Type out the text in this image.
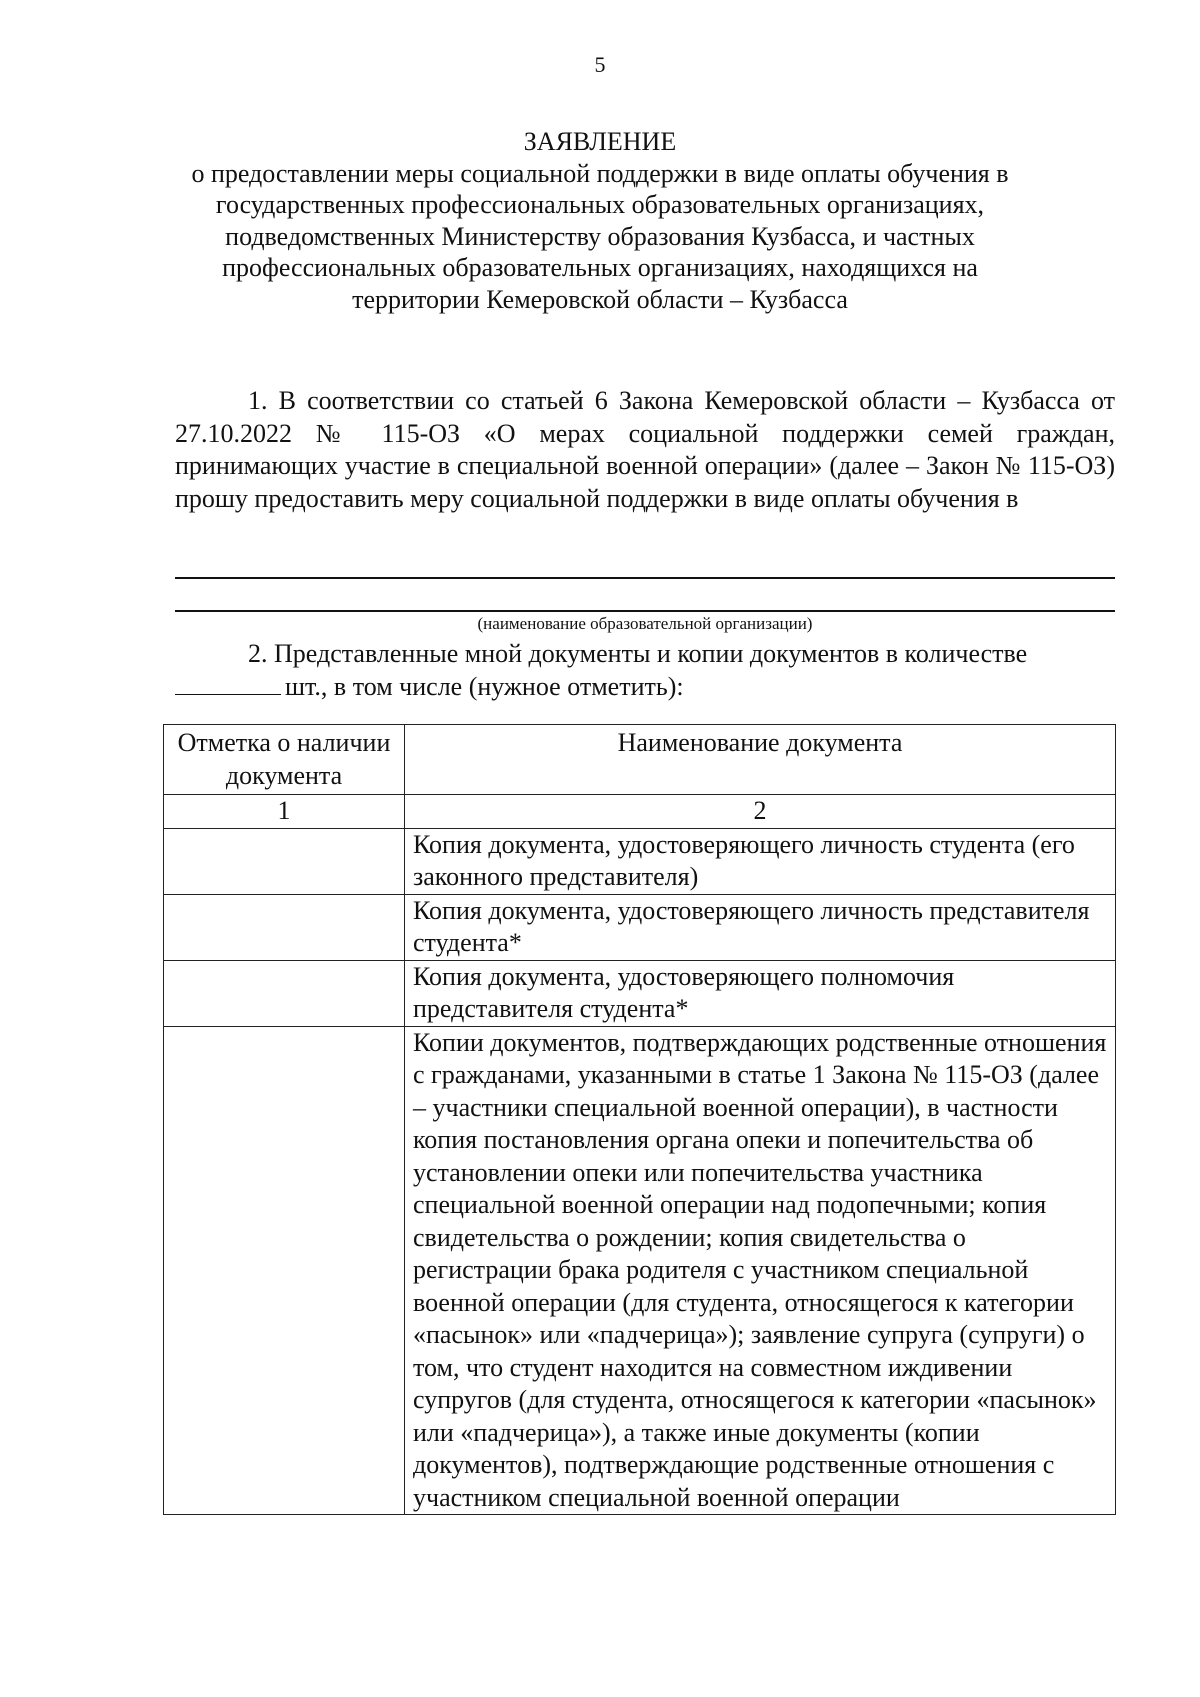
5
ЗАЯВЛЕНИЕ
о предоставлении меры социальной поддержки в виде оплаты обучения в
государственных профессиональных образовательных организациях,
подведомственных Министерству образования Кузбасса, и частных
профессиональных образовательных организациях, находящихся на
территории Кемеровской области – Кузбасса
1. В соответствии со статьей 6 Закона Кемеровской области – Кузбасса от 27.10.2022 № 115-ОЗ «О мерах социальной поддержки семей граждан, принимающих участие в специальной военной операции» (далее – Закон № 115-ОЗ) прошу предоставить меру социальной поддержки в виде оплаты обучения в
(наименование образовательной организации)
2. Представленные мной документы и копии документов в количестве
шт., в том числе (нужное отметить):
Отметка о наличии документа	Наименование документа
1	2
	Копия документа, удостоверяющего личность студента (его законного представителя)
	Копия документа, удостоверяющего личность представителя студента*
	Копия документа, удостоверяющего полномочия представителя студента*
	Копии документов, подтверждающих родственные отношения с гражданами, указанными в статье 1 Закона № 115-ОЗ (далее – участники специальной военной операции), в частности копия постановления органа опеки и попечительства об установлении опеки или попечительства участника специальной военной операции над подопечными; копия свидетельства о рождении; копия свидетельства о регистрации брака родителя с участником специальной военной операции (для студента, относящегося к категории «пасынок» или «падчерица»); заявление супруга (супруги) о том, что студент находится на совместном иждивении супругов (для студента, относящегося к категории «пасынок» или «падчерица»), а также иные документы (копии документов), подтверждающие родственные отношения с участником специальной военной операции
